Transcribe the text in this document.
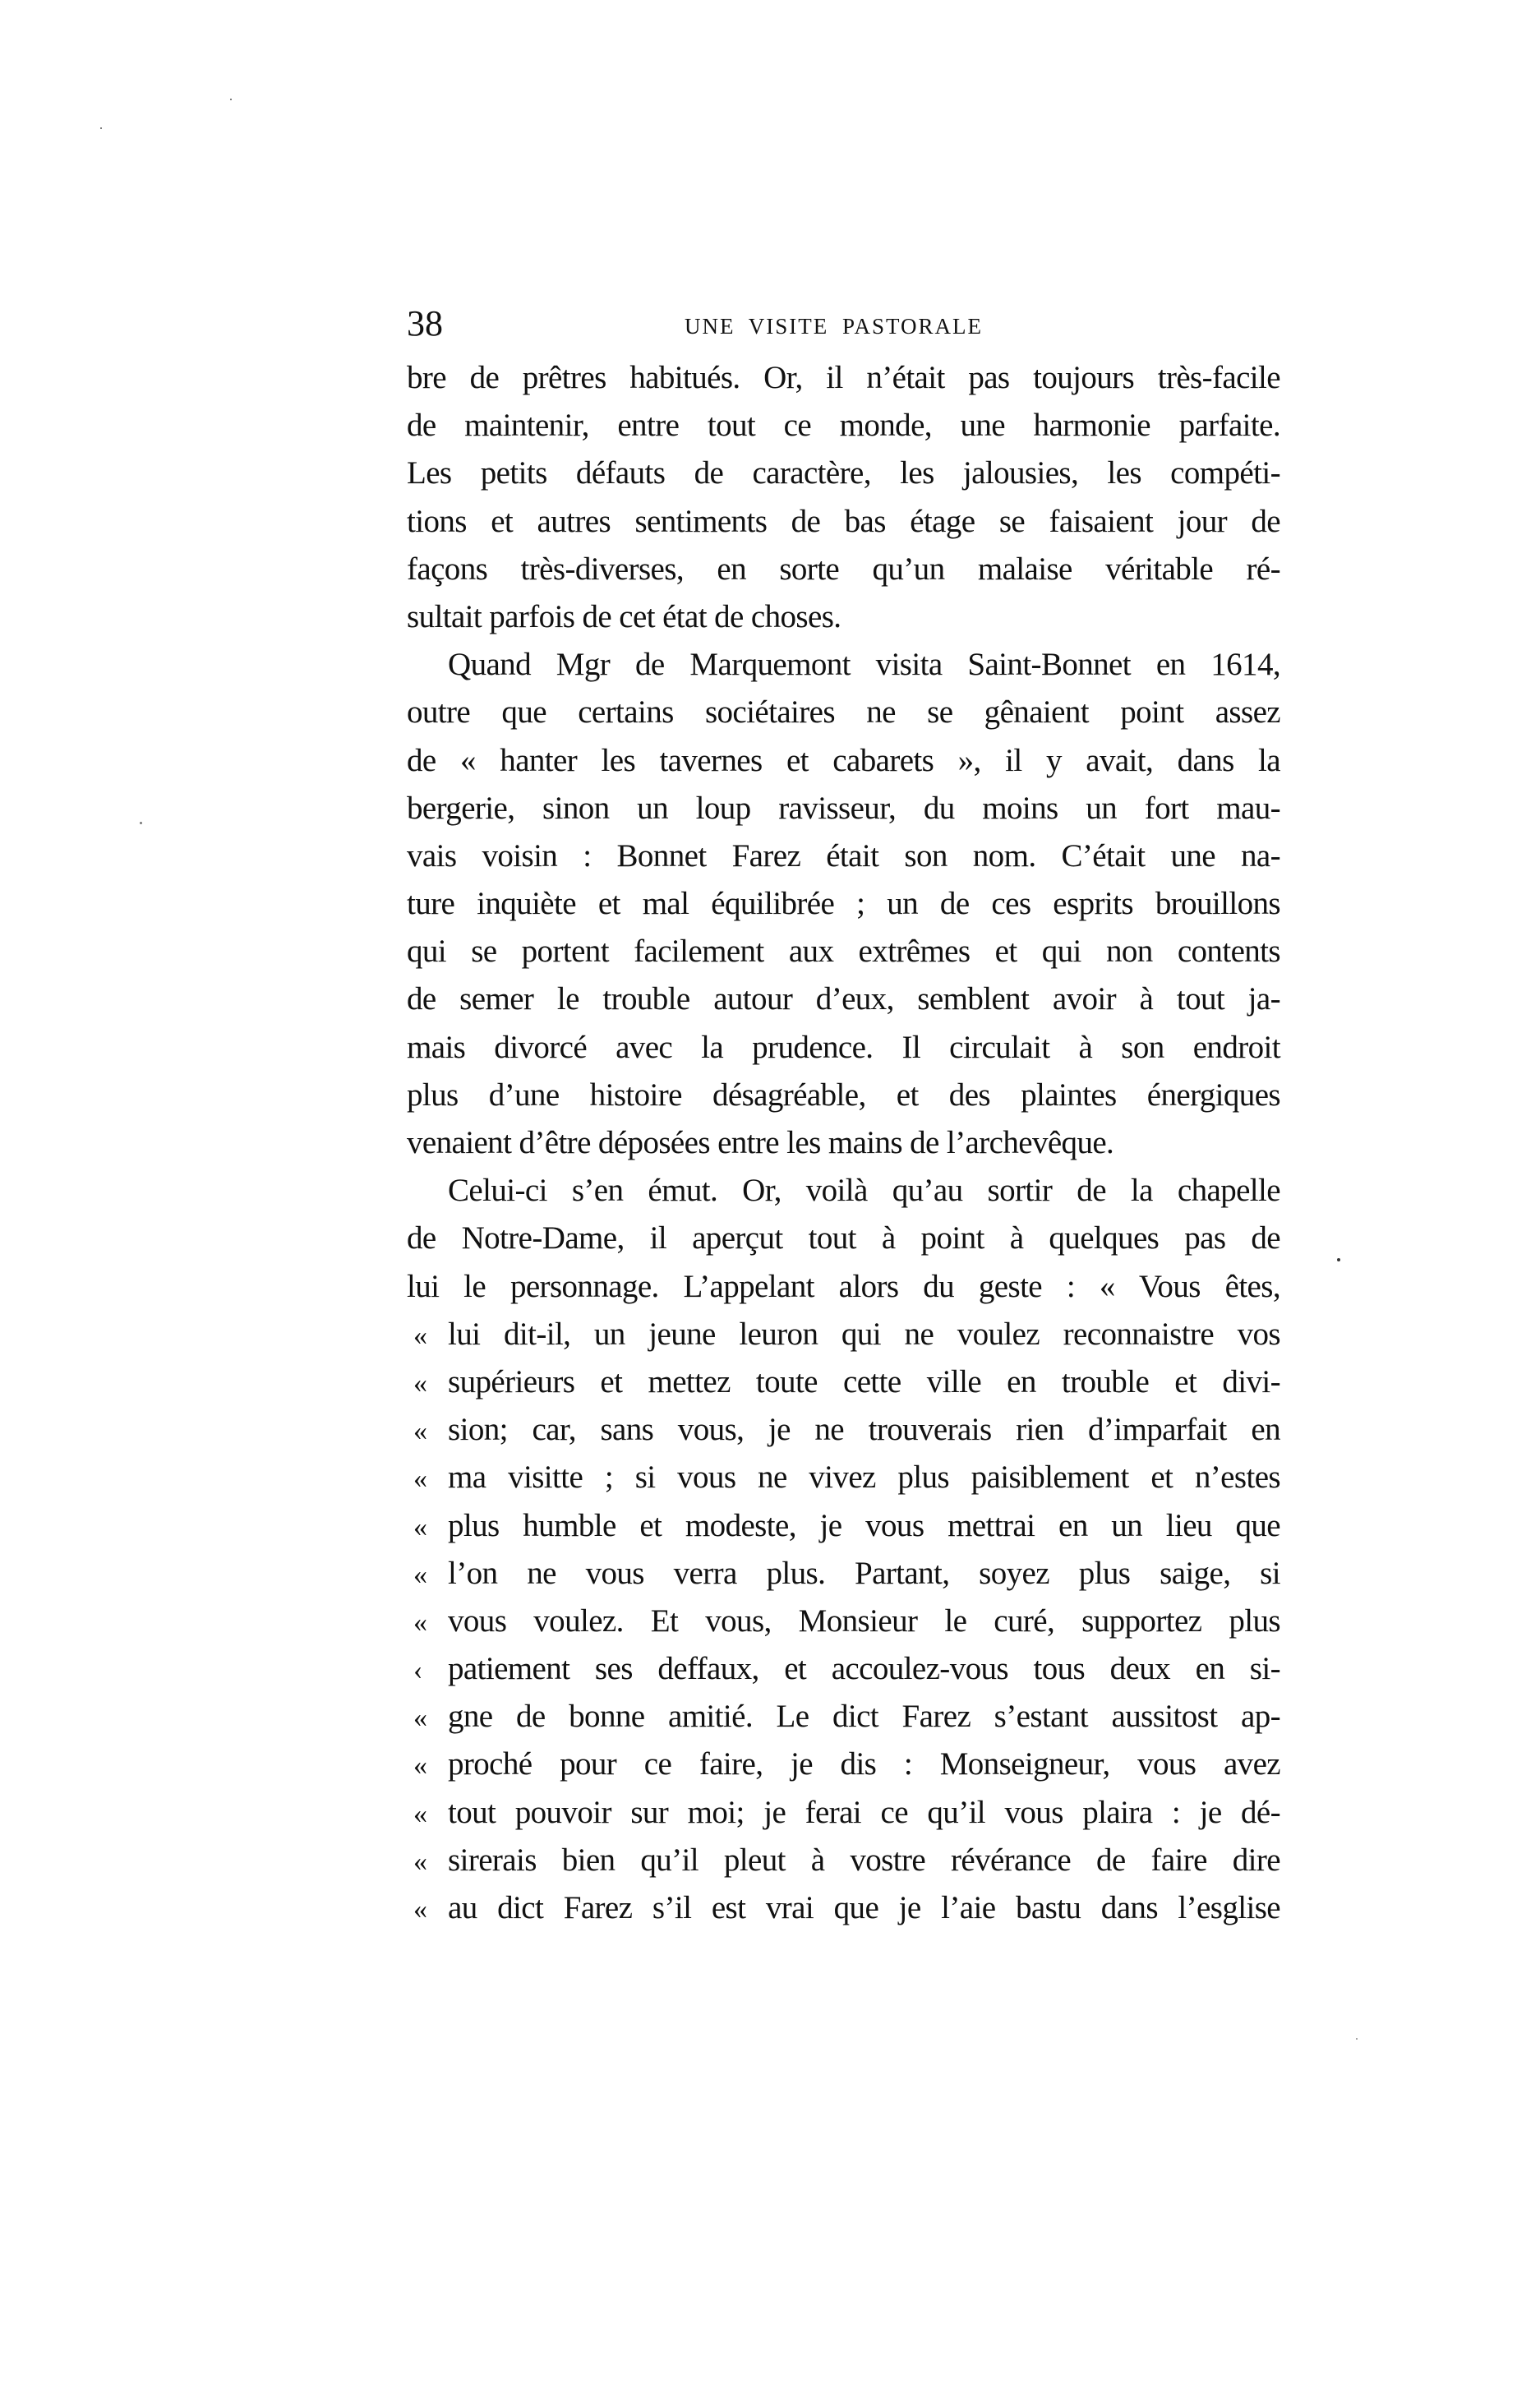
38	UNE VISITE PASTORALE
bre de prêtres habitués. Or, il n’était pas toujours très-facile
de maintenir, entre tout ce monde, une harmonie parfaite.
Les petits défauts de caractère, les jalousies, les compéti-
tions et autres sentiments de bas étage se faisaient jour de
façons très-diverses, en sorte qu’un malaise véritable ré-
sultait parfois de cet état de choses.
Quand Mgr de Marquemont visita Saint-Bonnet en 1614,
outre que certains sociétaires ne se gênaient point assez
de « hanter les tavernes et cabarets », il y avait, dans la
bergerie, sinon un loup ravisseur, du moins un fort mau-
vais voisin : Bonnet Farez était son nom. C’était une na-
ture inquiète et mal équilibrée ; un de ces esprits brouillons
qui se portent facilement aux extrêmes et qui non contents
de semer le trouble autour d’eux, semblent avoir à tout ja-
mais divorcé avec la prudence. Il circulait à son endroit
plus d’une histoire désagréable, et des plaintes énergiques
venaient d’être déposées entre les mains de l’archevêque.
Celui-ci s’en émut. Or, voilà qu’au sortir de la chapelle
de Notre-Dame, il aperçut tout à point à quelques pas de
lui le personnage. L’appelant alors du geste : « Vous êtes,
« lui dit-il, un jeune leuron qui ne voulez reconnaistre vos
« supérieurs et mettez toute cette ville en trouble et divi-
« sion; car, sans vous, je ne trouverais rien d’imparfait en
« ma visitte ; si vous ne vivez plus paisiblement et n’estes
« plus humble et modeste, je vous mettrai en un lieu que
« l’on ne vous verra plus. Partant, soyez plus saige, si
« vous voulez. Et vous, Monsieur le curé, supportez plus
‹ patiement ses deffaux, et accoulez-vous tous deux en si-
« gne de bonne amitié. Le dict Farez s’estant aussitost ap-
« proché pour ce faire, je dis : Monseigneur, vous avez
« tout pouvoir sur moi; je ferai ce qu’il vous plaira : je dé-
« sirerais bien qu’il pleut à vostre révérance de faire dire
« au dict Farez s’il est vrai que je l’aie bastu dans l’esglise
